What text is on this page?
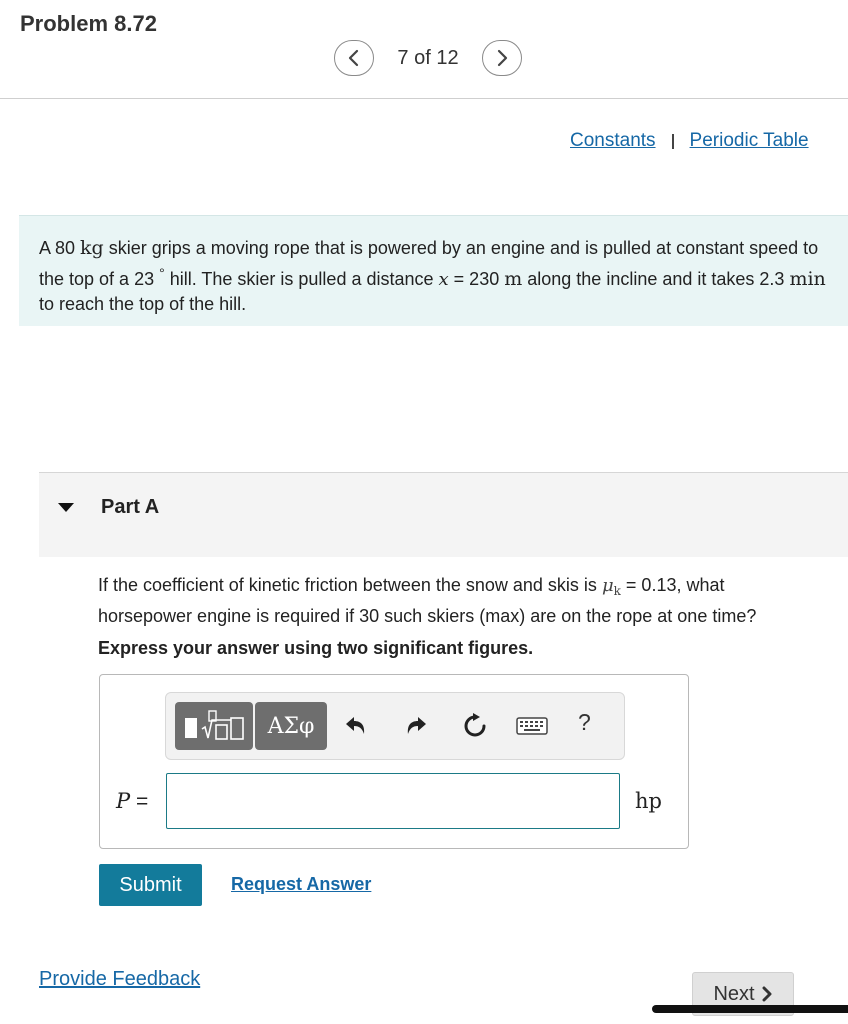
Problem 8.72
7 of 12
Constants Periodic Table
A 80 kg skier grips a moving rope that is powered by an engine and is pulled at constant speed to the top of a 23 ° hill. The skier is pulled a distance x = 230 m along the incline and it takes 2.3 min to reach the top of the hill.
Part A
If the coefficient of kinetic friction between the snow and skis is $\mu_k = 0.13$, what horsepower engine is required if 30 such skiers (max) are on the rope at one time?
Express your answer using two significant figures.
ΑΣφ	?
P =	hp
Submit	Request Answer
Provide Feedback
Next
